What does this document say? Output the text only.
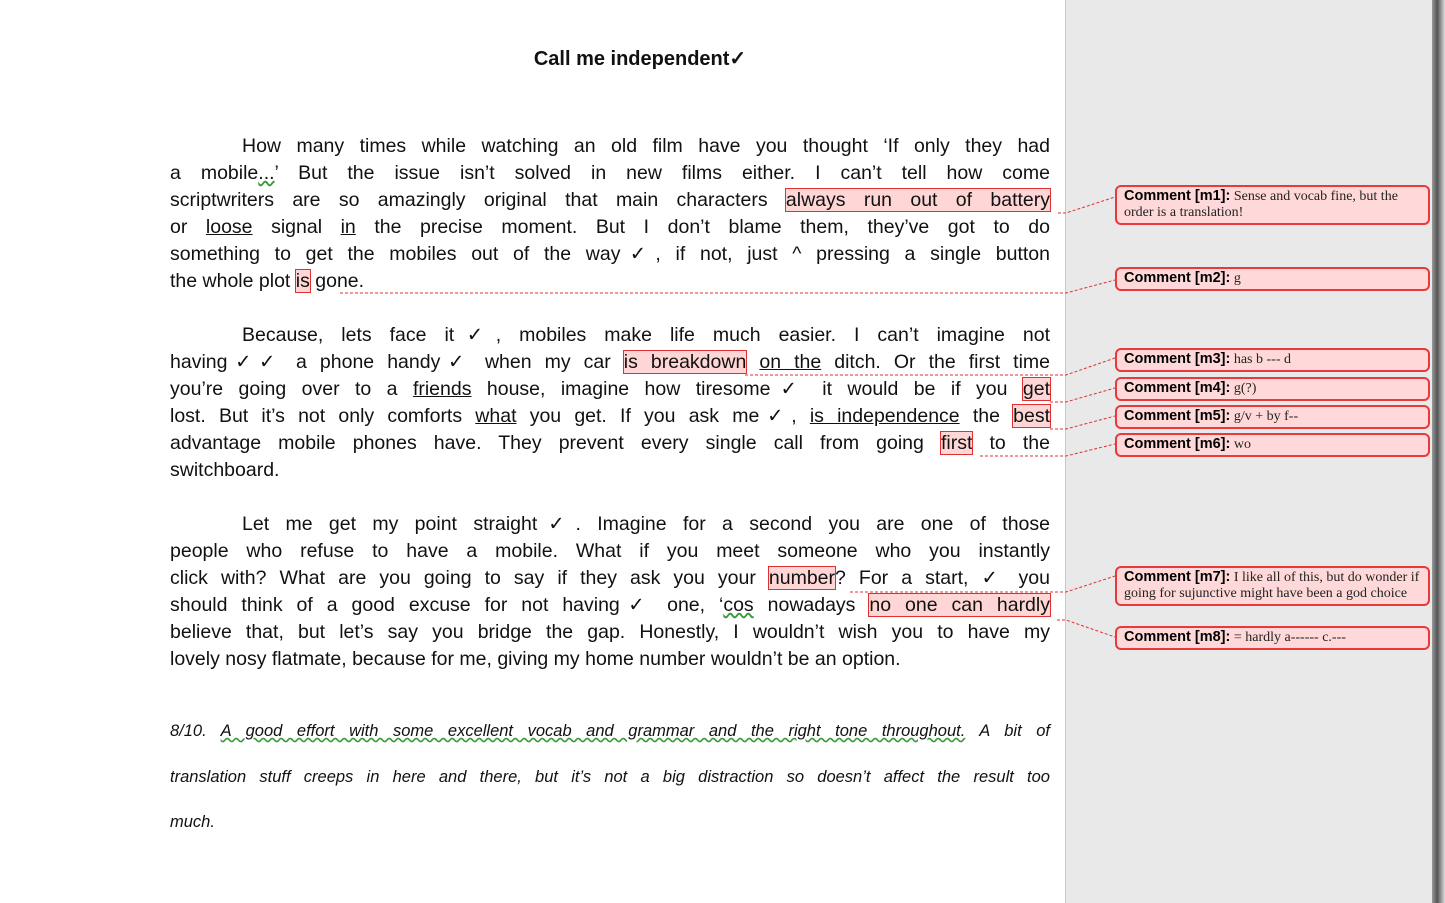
Call me independent✓
How many times while watching an old film have you thought ‘If only they had
a mobile...’ But the issue isn’t solved in new films either. I can’t tell how come
scriptwriters are so amazingly original that main characters always run out of battery
or loose signal in the precise moment. But I don’t blame them, they’ve got to do
something to get the mobiles out of the way✓, if not, just ^ pressing a single button
the whole plot is gone.
Because, lets face it✓, mobiles make life much easier. I can’t imagine not
having✓✓ a phone handy✓ when my car is breakdown on the ditch. Or the first time
you’re going over to a friends house, imagine how tiresome✓ it would be if you get
lost. But it’s not only comforts what you get. If you ask me✓, is independence the best
advantage mobile phones have. They prevent every single call from going first to the
switchboard.
Let me get my point straight✓. Imagine for a second you are one of those
people who refuse to have a mobile. What if you meet someone who you instantly
click with? What are you going to say if they ask you your number? For a start, ✓ you
should think of a good excuse for not having✓ one, ‘cos nowadays no one can hardly
believe that, but let’s say you bridge the gap. Honestly, I wouldn’t wish you to have my
lovely nosy flatmate, because for me, giving my home number wouldn’t be an option.
8/10. A good effort with some excellent vocab and grammar and the right tone throughout. A bit of
translation stuff creeps in here and there, but it’s not a big distraction so doesn’t affect the result too
much.
Comment [m1]: Sense and vocab fine, but the order is a translation!
Comment [m2]: g
Comment [m3]: has b --- d
Comment [m4]: g(?)
Comment [m5]: g/v + by f--
Comment [m6]: wo
Comment [m7]: I like all of this, but do wonder if going for sujunctive might have been a god choice
Comment [m8]: = hardly a------ c.---
